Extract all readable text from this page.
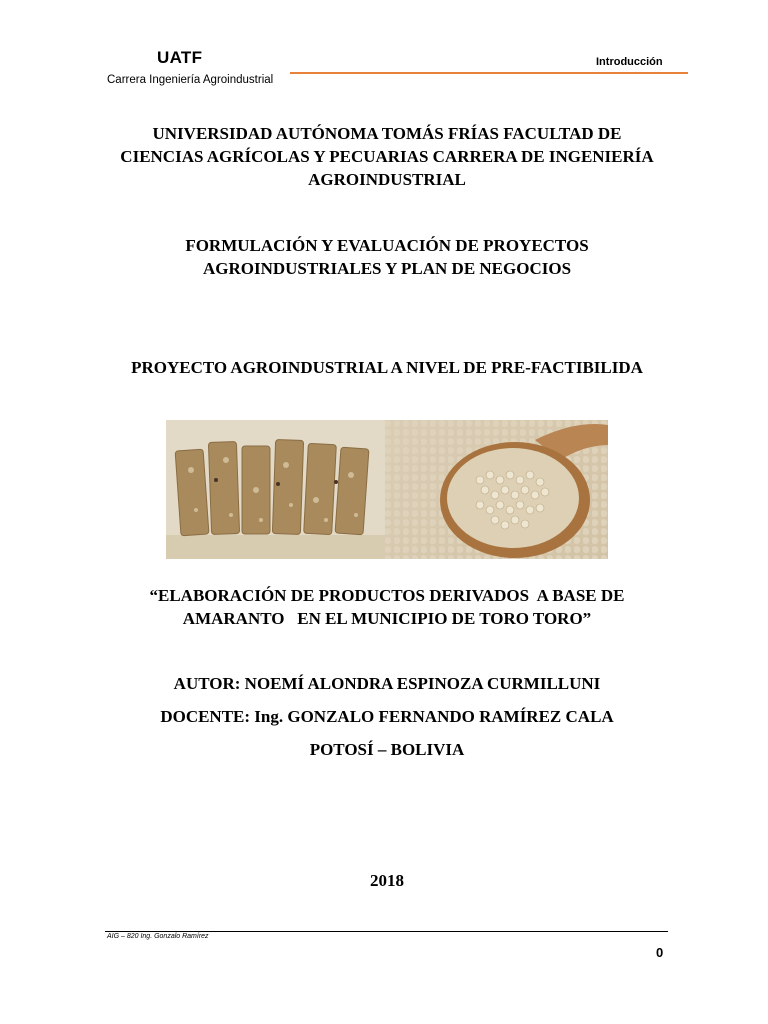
UATF
Carrera Ingeniería Agroindustrial
Introducción
UNIVERSIDAD AUTÓNOMA TOMÁS FRÍAS FACULTAD DE
CIENCIAS AGRÍCOLAS Y PECUARIAS CARRERA DE INGENIERÍA
AGROINDUSTRIAL
FORMULACIÓN Y EVALUACIÓN DE PROYECTOS
AGROINDUSTRIALES Y PLAN DE NEGOCIOS
PROYECTO AGROINDUSTRIAL A NIVEL DE PRE-FACTIBILIDA
“ELABORACIÓN DE PRODUCTOS DERIVADOS  A BASE DE
AMARANTO   EN EL MUNICIPIO DE TORO TORO”
AUTOR: NOEMÍ ALONDRA ESPINOZA CURMILLUNI
DOCENTE: Ing. GONZALO FERNANDO RAMÍREZ CALA
POTOSÍ – BOLIVIA
2018
AIG – 820 Ing. Gonzalo Ramírez
0
